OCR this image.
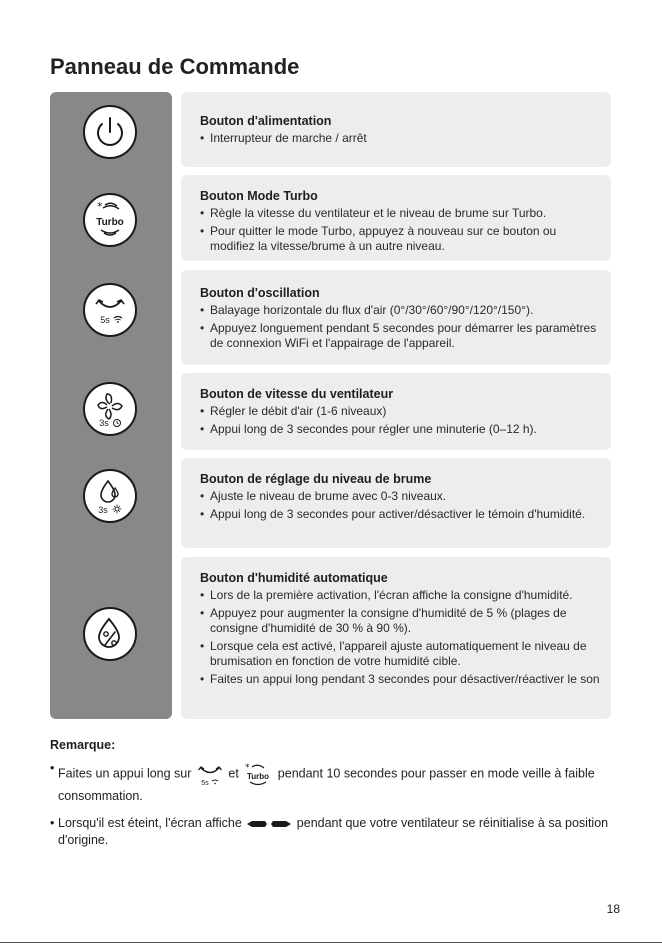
Panneau de Commande
*
Turbo
5s
3s
3s
Bouton d'alimentation
• Interrupteur de marche / arrêt
Bouton Mode Turbo
• Règle la vitesse du ventilateur et le niveau de brume sur Turbo.
• Pour quitter le mode Turbo, appuyez à nouveau sur ce bouton ou modifiez la vitesse/brume à un autre niveau.
Bouton d'oscillation
• Balayage horizontale du flux d'air (0°/30°/60°/90°/120°/150°).
• Appuyez longuement pendant 5 secondes pour démarrer les paramètres de connexion WiFi et l'appairage de l'appareil.
Bouton de vitesse du ventilateur
• Régler le débit d'air (1-6 niveaux)
• Appui long de 3 secondes pour régler une minuterie (0–12 h).
Bouton de réglage du niveau de brume
• Ajuste le niveau de brume avec 0-3 niveaux.
• Appui long de 3 secondes pour activer/désactiver le témoin d'humidité.
Bouton d'humidité automatique
• Lors de la première activation, l'écran affiche la consigne d'humidité.
• Appuyez pour augmenter la consigne d'humidité de 5 % (plages de consigne d'humidité de 30 % à 90 %).
• Lorsque cela est activé, l'appareil ajuste automatiquement le niveau de brumisation en fonction de votre humidité cible.
• Faites un appui long pendant 3 secondes pour désactiver/réactiver le son
Remarque:

• Faites un appui long sur
5s
et *
Turbo pendant 10 secondes pour passer en mode veille à faible consommation.

• Lorsqu'il est éteint, l'écran affiche	pendant que votre ventilateur se réinitialise à sa position d'origine.

18
